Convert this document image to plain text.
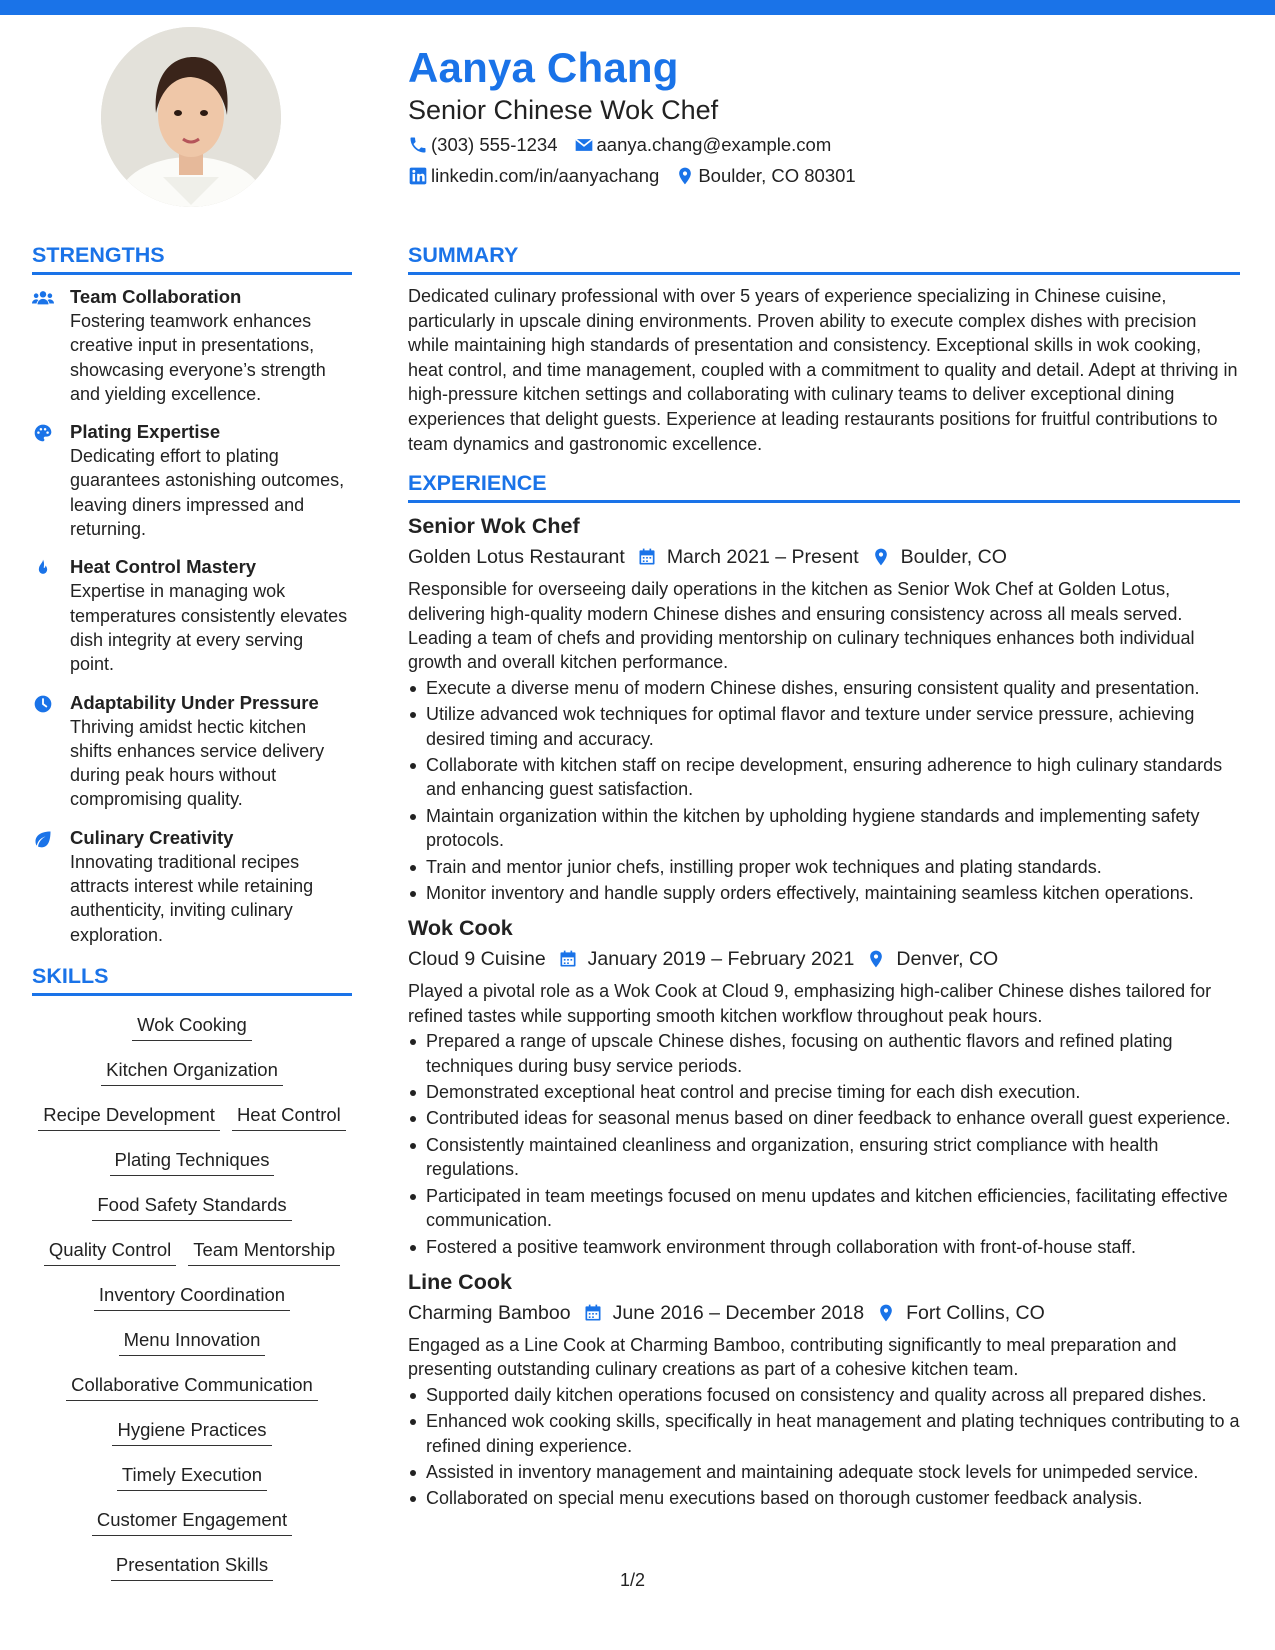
Aanya Chang
Senior Chinese Wok Chef
(303) 555-1234 aanya.chang@example.com
linkedin.com/in/aanyachang Boulder, CO 80301
STRENGTHS
Team Collaboration
Fostering teamwork enhances creative input in presentations, showcasing everyone’s strength and yielding excellence.
Plating Expertise
Dedicating effort to plating guarantees astonishing outcomes, leaving diners impressed and returning.
Heat Control Mastery
Expertise in managing wok temperatures consistently elevates dish integrity at every serving point.
Adaptability Under Pressure
Thriving amidst hectic kitchen shifts enhances service delivery during peak hours without compromising quality.
Culinary Creativity
Innovating traditional recipes attracts interest while retaining authenticity, inviting culinary exploration.
SKILLS
Wok Cooking
Kitchen Organization
Recipe Development Heat Control
Plating Techniques
Food Safety Standards
Quality Control Team Mentorship
Inventory Coordination
Menu Innovation
Collaborative Communication
Hygiene Practices
Timely Execution
Customer Engagement
Presentation Skills
SUMMARY

Dedicated culinary professional with over 5 years of experience specializing in Chinese cuisine, particularly in upscale dining environments. Proven ability to execute complex dishes with precision while maintaining high standards of presentation and consistency. Exceptional skills in wok cooking, heat control, and time management, coupled with a commitment to quality and detail. Adept at thriving in high-pressure kitchen settings and collaborating with culinary teams to deliver exceptional dining experiences that delight guests. Experience at leading restaurants positions for fruitful contributions to team dynamics and gastronomic excellence.

EXPERIENCE
Senior Wok Chef
Golden Lotus Restaurant March 2021 – Present Boulder, CO

Responsible for overseeing daily operations in the kitchen as Senior Wok Chef at Golden Lotus, delivering high-quality modern Chinese dishes and ensuring consistency across all meals served. Leading a team of chefs and providing mentorship on culinary techniques enhances both individual growth and overall kitchen performance.

Execute a diverse menu of modern Chinese dishes, ensuring consistent quality and presentation.
Utilize advanced wok techniques for optimal flavor and texture under service pressure, achieving desired timing and accuracy.
Collaborate with kitchen staff on recipe development, ensuring adherence to high culinary standards and enhancing guest satisfaction.
Maintain organization within the kitchen by upholding hygiene standards and implementing safety protocols.
Train and mentor junior chefs, instilling proper wok techniques and plating standards.
Monitor inventory and handle supply orders effectively, maintaining seamless kitchen operations.
Wok Cook
Cloud 9 Cuisine January 2019 – February 2021 Denver, CO

Played a pivotal role as a Wok Cook at Cloud 9, emphasizing high-caliber Chinese dishes tailored for refined tastes while supporting smooth kitchen workflow throughout peak hours.

Prepared a range of upscale Chinese dishes, focusing on authentic flavors and refined plating techniques during busy service periods.
Demonstrated exceptional heat control and precise timing for each dish execution.
Contributed ideas for seasonal menus based on diner feedback to enhance overall guest experience.
Consistently maintained cleanliness and organization, ensuring strict compliance with health regulations.
Participated in team meetings focused on menu updates and kitchen efficiencies, facilitating effective communication.
Fostered a positive teamwork environment through collaboration with front-of-house staff.
Line Cook
Charming Bamboo June 2016 – December 2018 Fort Collins, CO

Engaged as a Line Cook at Charming Bamboo, contributing significantly to meal preparation and presenting outstanding culinary creations as part of a cohesive kitchen team.

Supported daily kitchen operations focused on consistency and quality across all prepared dishes.
Enhanced wok cooking skills, specifically in heat management and plating techniques contributing to a refined dining experience.
Assisted in inventory management and maintaining adequate stock levels for unimpeded service.
Collaborated on special menu executions based on thorough customer feedback analysis.
1/2
